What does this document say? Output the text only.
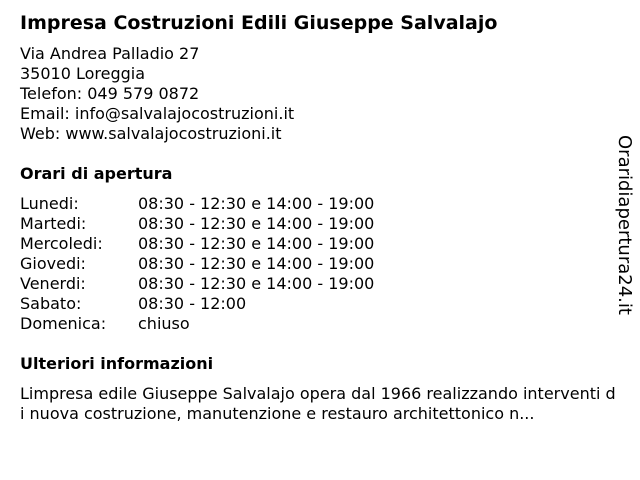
Impresa Costruzioni Edili Giuseppe Salvalajo
Via Andrea Palladio 27
35010 Loreggia
Telefon: 049 579 0872
Email: info@salvalajocostruzioni.it
Web: www.salvalajocostruzioni.it
Orari di apertura
Lunedi:	08:30 - 12:30 e 14:00 - 19:00
Martedi:	08:30 - 12:30 e 14:00 - 19:00
Mercoledi: 08:30 - 12:30 e 14:00 - 19:00
Giovedi:	08:30 - 12:30 e 14:00 - 19:00
Venerdi:	08:30 - 12:30 e 14:00 - 19:00
Sabato:	08:30 - 12:00
Domenica: chiuso
Ulteriori informazioni
Limpresa edile Giuseppe Salvalajo opera dal 1966 realizzando interventi di nuova costruzione, manutenzione e restauro architettonico n...
Oraridiapertura24.it
